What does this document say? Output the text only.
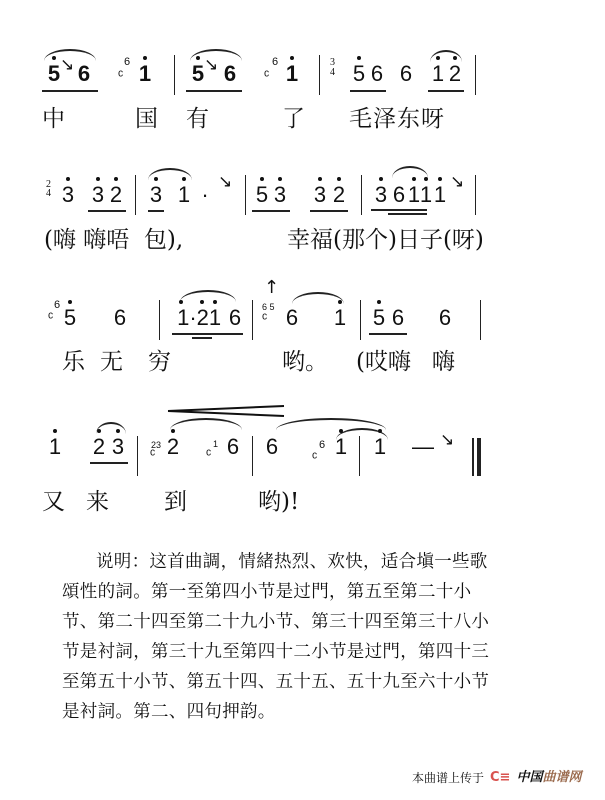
5 ↘ 6	6
ᶜ 1 5 ↘ 6	6
ᶜ 1	3
4 5 6 6 1 2
中	国 有	了 毛泽东呀
2
4 3 3 2 3 1 · ↘ 5 3 3 2 3 6 1 1 1 ↘
(嗨 嗨唔  包),	幸福(那个)日子(呀)
6
ᶜ 5 6 1·2 1 6
↑
6 5
ᶜ 6 1 5 6 6
乐 无 穷	哟。 (哎嗨 嗨
1 2 3	23
ᶜ 2	1
ᶜ 6 6	6
ᶜ 1 1 — ↘
又 来 到	哟)!

说明：这首曲調，情緒热烈、欢快，适合塡一些歌

頌性的詞。第一至第四小节是过門，第五至第二十小

节、第二十四至第二十九小节、第三十四至第三十八小

节是衬詞，第三十九至第四十二小节是过門，第四十三

至第五十小节、第五十四、五十五、五十九至六十小节

是衬詞。第二、四句押韵。

本曲谱上传于 C≡ 中国 曲谱网
